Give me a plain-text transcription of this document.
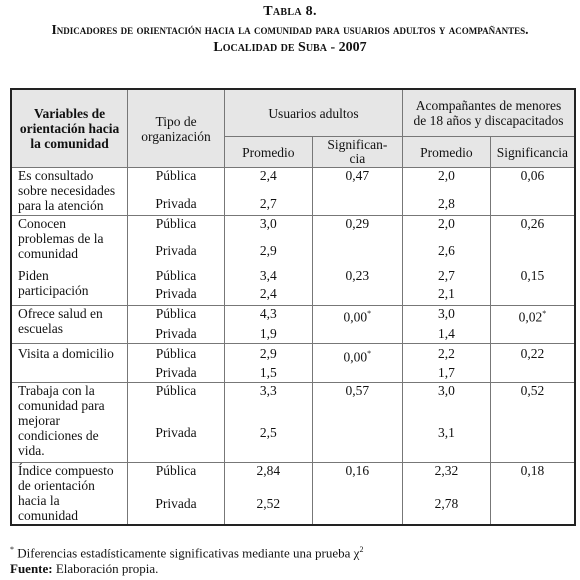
Tabla 8.
Indicadores de orientación hacia la comunidad para usuarios adultos y acompañantes.
Localidad de Suba - 2007
Variables de orientación hacia la comunidad	Tipo de organización	Usuarios adultos		Acompañantes de menores de 18 años y discapacitados	
		Promedio	Significan-
cia	Promedio	Significancia
Es consultado sobre necesidades para la atención	Pública	2,4	0,47	2,0	0,06
	Privada	2,7		2,8	
Conocen problemas de la comunidad	Pública	3,0	0,29	2,0	0,26
	Privada	2,9		2,6	
Piden participación	Pública	3,4	0,23	2,7	0,15
	Privada	2,4		2,1	
Ofrece salud en escuelas	Pública	4,3	0,00*	3,0	0,02*
	Privada	1,9		1,4	
Visita a domicilio	Pública	2,9	0,00*	2,2	0,22
	Privada	1,5		1,7	
Trabaja con la comunidad para mejorar condiciones de vida.	Pública	3,3	0,57	3,0	0,52
	Privada	2,5		3,1	
Índice compuesto de orientación hacia la comunidad	Pública	2,84	0,16	2,32	0,18
	Privada	2,52		2,78	
* Diferencias estadísticamente significativas mediante una prueba $\chi^2$
Fuente: Elaboración propia.
